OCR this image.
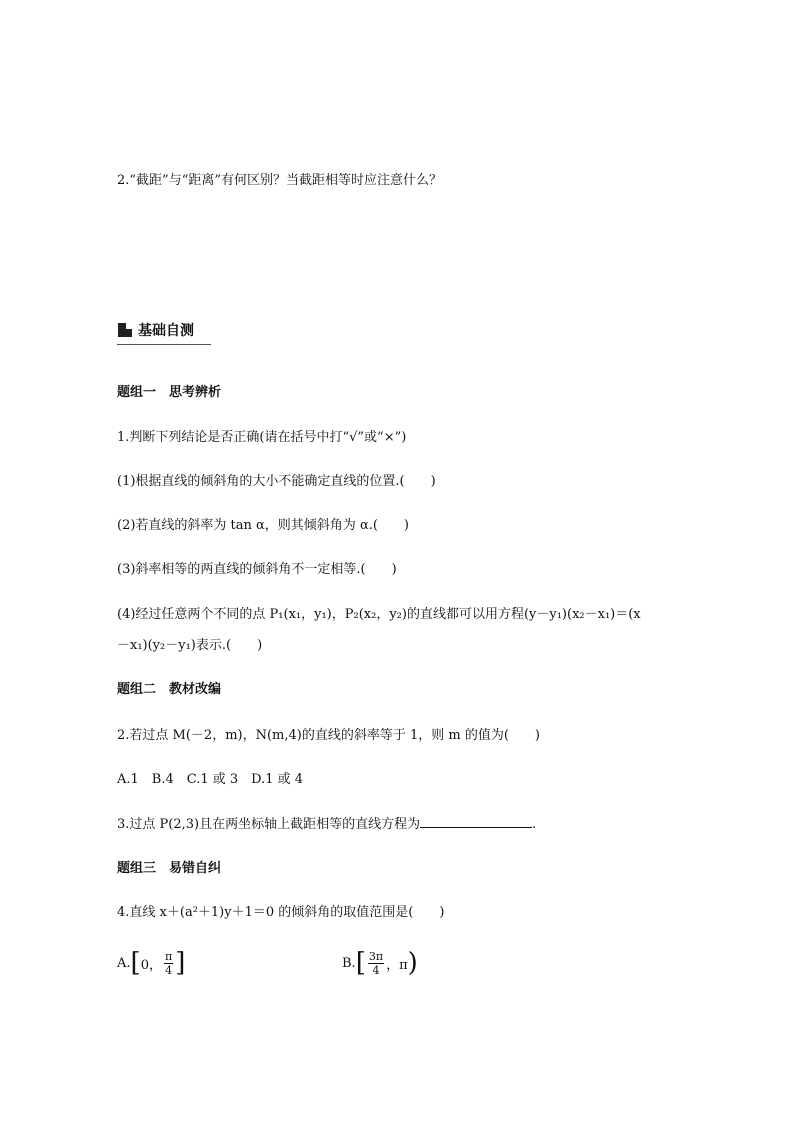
2.“截距”与“距离”有何区别？当截距相等时应注意什么？
基础自测
题组一　思考辨析
1.判断下列结论是否正确(请在括号中打“√”或“×”)
(1)根据直线的倾斜角的大小不能确定直线的位置.(　　)
(2)若直线的斜率为 tan α，则其倾斜角为 α.(　　)
(3)斜率相等的两直线的倾斜角不一定相等.(　　)
(4)经过任意两个不同的点 P₁(x₁，y₁)，P₂(x₂，y₂)的直线都可以用方程(y－y₁)(x₂－x₁)＝(x
－x₁)(y₂－y₁)表示.(　　)
题组二　教材改编
2.若过点 M(－2，m)，N(m,4)的直线的斜率等于 1，则 m 的值为(　　)
A.1　B.4　C.1 或 3　D.1 或 4
3.过点 P(2,3)且在两坐标轴上截距相等的直线方程为	.
题组三　易错自纠
4.直线 x＋(a²＋1)y＋1＝0 的倾斜角的取值范围是(　　)
A. [ 0， $\frac{\pi}{4}$ ]	B. [ $\frac{3\pi}{4}$ ，π )
